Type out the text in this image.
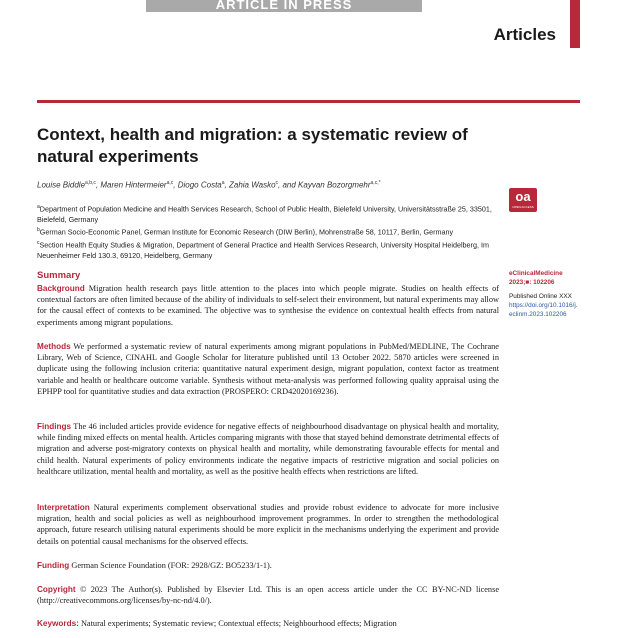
ARTICLE IN PRESS
Articles
Context, health and migration: a systematic review of natural experiments
Louise Biddle$^{a,b,c}$, Maren Hintermeier$^{a,c}$, Diogo Costa$^a$, Zahia Wasko$^c$, and Kayvan Bozorgmehr$^{a,c,*}$
oa
OPEN ACCESS
$^a$Department of Population Medicine and Health Services Research, School of Public Health, Bielefeld University, Universitätsstraße 25, 33501, Bielefeld, Germany
$^b$German Socio-Economic Panel, German Institute for Economic Research (DIW Berlin), Mohrenstraße 58, 10117, Berlin, Germany
$^c$Section Health Equity Studies & Migration, Department of General Practice and Health Services Research, University Hospital Heidelberg, Im Neuenheimer Feld 130.3, 69120, Heidelberg, Germany
eClinicalMedicine
2023;■: 102206
Published Online XXX
https://doi.org/10.1016/j.eclinm.2023.102206
Summary

Background Migration health research pays little attention to the places into which people migrate. Studies on health effects of contextual factors are often limited because of the ability of individuals to self-select their environment, but natural experiments may allow for the causal effect of contexts to be examined. The objective was to synthesise the evidence on contextual health effects from natural experiments among migrant populations.

Methods We performed a systematic review of natural experiments among migrant populations in PubMed/MEDLINE, The Cochrane Library, Web of Science, CINAHL and Google Scholar for literature published until 13 October 2022. 5870 articles were screened in duplicate using the following inclusion criteria: quantitative natural experiment design, migrant population, context factor as treatment variable and health or healthcare outcome variable. Synthesis without meta-analysis was performed following quality appraisal using the EPHPP tool for quantitative studies and data extraction (PROSPERO: CRD42020169236).

Findings The 46 included articles provide evidence for negative effects of neighbourhood disadvantage on physical health and mortality, while finding mixed effects on mental health. Articles comparing migrants with those that stayed behind demonstrate detrimental effects of migration and adverse post-migratory contexts on physical health and mortality, while demonstrating favourable effects for mental and child health. Natural experiments of policy environments indicate the negative impacts of restrictive migration and social policies on healthcare utilization, mental health and mortality, as well as the positive health effects when restrictions are lifted.

Interpretation Natural experiments complement observational studies and provide robust evidence to advocate for more inclusive migration, health and social policies as well as neighbourhood improvement programmes. In order to strengthen the methodological approach, future research utilising natural experiments should be more explicit in the mechanisms underlying the experiment and provide details on potential causal mechanisms for the observed effects.

Funding German Science Foundation (FOR: 2928/GZ: BO5233/1-1).

Copyright © 2023 The Author(s). Published by Elsevier Ltd. This is an open access article under the CC BY-NC-ND license (http://creativecommons.org/licenses/by-nc-nd/4.0/).

Keywords: Natural experiments; Systematic review; Contextual effects; Neighbourhood effects; Migration
